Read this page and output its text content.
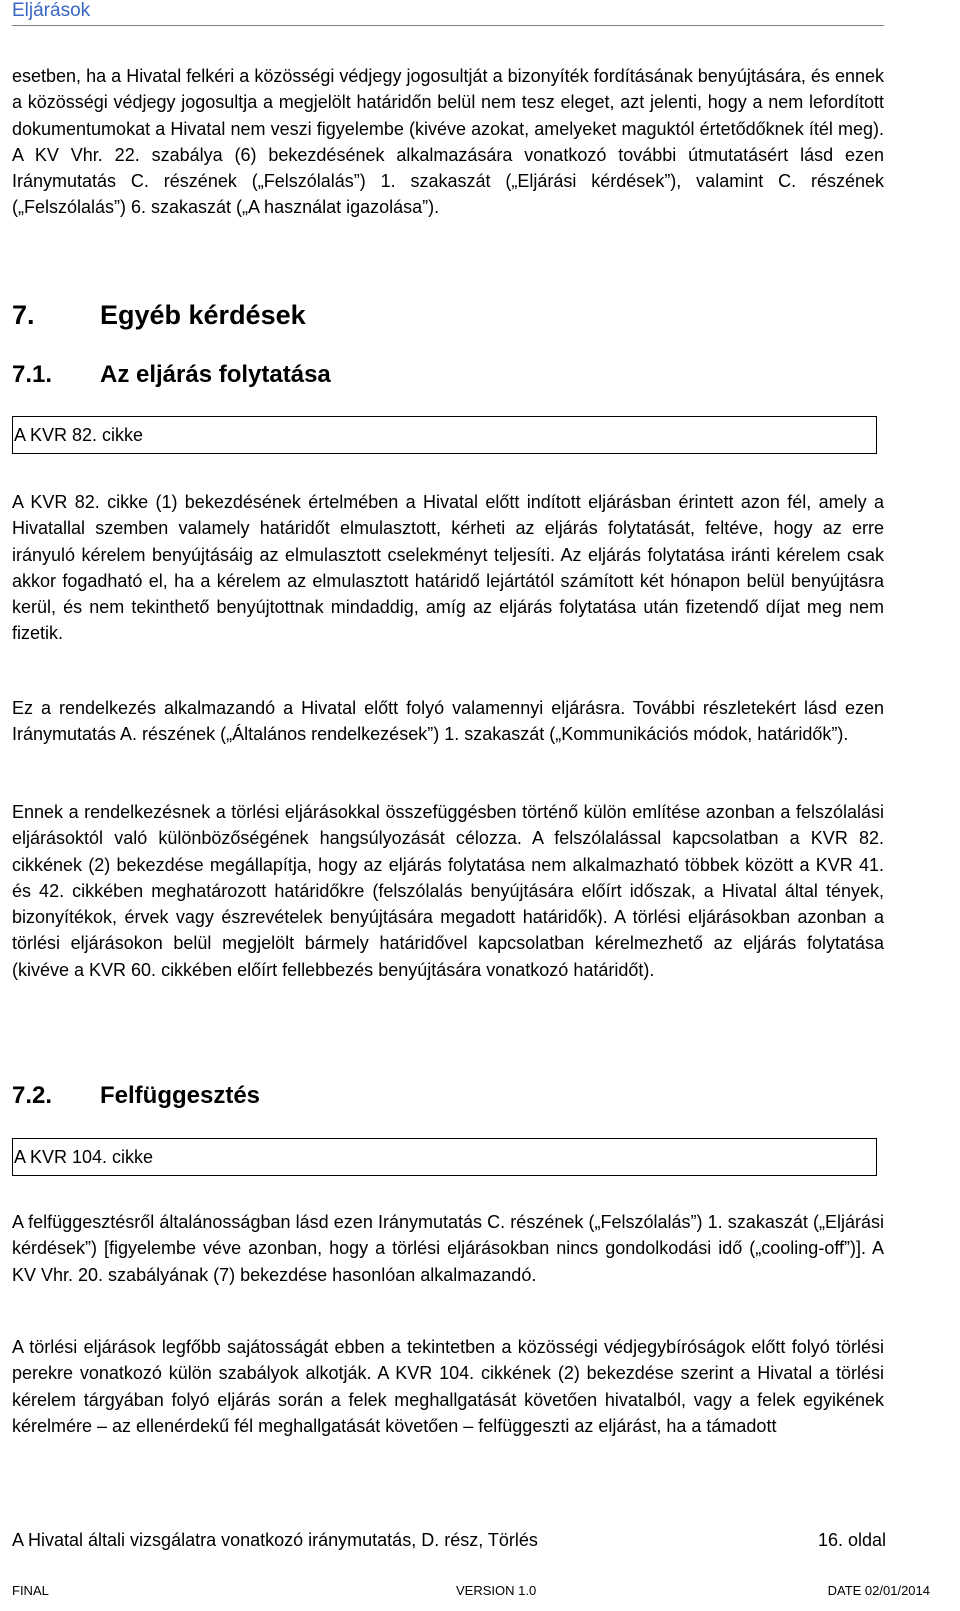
Eljárások

esetben, ha a Hivatal felkéri a közösségi védjegy jogosultját a bizonyíték fordításának benyújtására, és ennek a közösségi védjegy jogosultja a megjelölt határidőn belül nem tesz eleget, azt jelenti, hogy a nem lefordított dokumentumokat a Hivatal nem veszi figyelembe (kivéve azokat, amelyeket maguktól értetődőknek ítél meg). A KV Vhr. 22. szabálya (6) bekezdésének alkalmazására vonatkozó további útmutatásért lásd ezen Iránymutatás C. részének („Felszólalás”) 1. szakaszát („Eljárási kérdések”), valamint C. részének („Felszólalás”) 6. szakaszát („A használat igazolása”).

7. Egyéb kérdések
7.1. Az eljárás folytatása
A KVR 82. cikke

A KVR 82. cikke (1) bekezdésének értelmében a Hivatal előtt indított eljárásban érintett azon fél, amely a Hivatallal szemben valamely határidőt elmulasztott, kérheti az eljárás folytatását, feltéve, hogy az erre irányuló kérelem benyújtásáig az elmulasztott cselekményt teljesíti. Az eljárás folytatása iránti kérelem csak akkor fogadható el, ha a kérelem az elmulasztott határidő lejártától számított két hónapon belül benyújtásra kerül, és nem tekinthető benyújtottnak mindaddig, amíg az eljárás folytatása után fizetendő díjat meg nem fizetik.

Ez a rendelkezés alkalmazandó a Hivatal előtt folyó valamennyi eljárásra. További részletekért lásd ezen Iránymutatás A. részének („Általános rendelkezések”) 1. szakaszát („Kommunikációs módok, határidők”).

Ennek a rendelkezésnek a törlési eljárásokkal összefüggésben történő külön említése azonban a felszólalási eljárásoktól való különbözőségének hangsúlyozását célozza. A felszólalással kapcsolatban a KVR 82. cikkének (2) bekezdése megállapítja, hogy az eljárás folytatása nem alkalmazható többek között a KVR 41. és 42. cikkében meghatározott határidőkre (felszólalás benyújtására előírt időszak, a Hivatal által tények, bizonyítékok, érvek vagy észrevételek benyújtására megadott határidők). A törlési eljárásokban azonban a törlési eljárásokon belül megjelölt bármely határidővel kapcsolatban kérelmezhető az eljárás folytatása (kivéve a KVR 60. cikkében előírt fellebbezés benyújtására vonatkozó határidőt).

7.2. Felfüggesztés
A KVR 104. cikke

A felfüggesztésről általánosságban lásd ezen Iránymutatás C. részének („Felszólalás”) 1. szakaszát („Eljárási kérdések”) [figyelembe véve azonban, hogy a törlési eljárásokban nincs gondolkodási idő („cooling-off”)]. A KV Vhr. 20. szabályának (7) bekezdése hasonlóan alkalmazandó.

A törlési eljárások legfőbb sajátosságát ebben a tekintetben a közösségi védjegybíróságok előtt folyó törlési perekre vonatkozó külön szabályok alkotják. A KVR 104. cikkének (2) bekezdése szerint a Hivatal a törlési kérelem tárgyában folyó eljárás során a felek meghallgatását követően hivatalból, vagy a felek egyikének kérelmére – az ellenérdekű fél meghallgatását követően – felfüggeszti az eljárást, ha a támadott

A Hivatal általi vizsgálatra vonatkozó iránymutatás, D. rész, Törlés	16. oldal
FINAL	VERSION 1.0	DATE 02/01/2014
